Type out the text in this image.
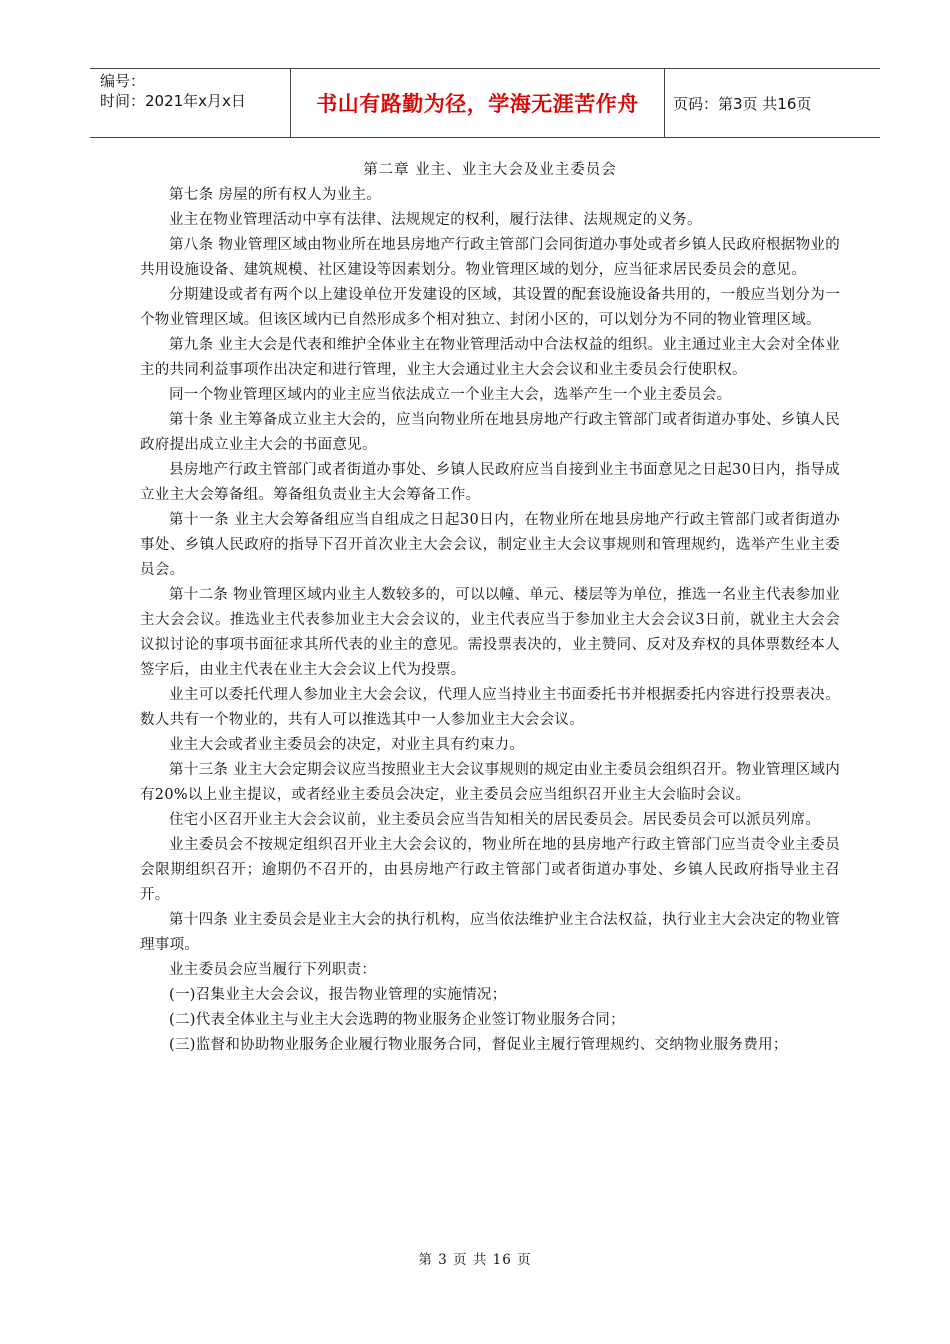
编号：
时间：2021年x月x日	书山有路勤为径，学海无涯苦作舟	页码：第3页 共16页
第二章 业主、业主大会及业主委员会

第七条 房屋的所有权人为业主。

业主在物业管理活动中享有法律、法规规定的权利，履行法律、法规规定的义务。

第八条 物业管理区域由物业所在地县房地产行政主管部门会同街道办事处或者乡镇人民政府根据物业的共用设施设备、建筑规模、社区建设等因素划分。物业管理区域的划分，应当征求居民委员会的意见。

分期建设或者有两个以上建设单位开发建设的区域，其设置的配套设施设备共用的，一般应当划分为一个物业管理区域。但该区域内已自然形成多个相对独立、封闭小区的，可以划分为不同的物业管理区域。

第九条 业主大会是代表和维护全体业主在物业管理活动中合法权益的组织。业主通过业主大会对全体业主的共同利益事项作出决定和进行管理，业主大会通过业主大会会议和业主委员会行使职权。

同一个物业管理区域内的业主应当依法成立一个业主大会，选举产生一个业主委员会。

第十条 业主筹备成立业主大会的，应当向物业所在地县房地产行政主管部门或者街道办事处、乡镇人民政府提出成立业主大会的书面意见。

县房地产行政主管部门或者街道办事处、乡镇人民政府应当自接到业主书面意见之日起30日内，指导成立业主大会筹备组。筹备组负责业主大会筹备工作。

第十一条 业主大会筹备组应当自组成之日起30日内，在物业所在地县房地产行政主管部门或者街道办事处、乡镇人民政府的指导下召开首次业主大会会议，制定业主大会议事规则和管理规约，选举产生业主委员会。

第十二条 物业管理区域内业主人数较多的，可以以幢、单元、楼层等为单位，推选一名业主代表参加业主大会会议。推选业主代表参加业主大会会议的，业主代表应当于参加业主大会会议3日前，就业主大会会议拟讨论的事项书面征求其所代表的业主的意见。需投票表决的，业主赞同、反对及弃权的具体票数经本人签字后，由业主代表在业主大会会议上代为投票。

业主可以委托代理人参加业主大会会议，代理人应当持业主书面委托书并根据委托内容进行投票表决。数人共有一个物业的，共有人可以推选其中一人参加业主大会会议。

业主大会或者业主委员会的决定，对业主具有约束力。

第十三条 业主大会定期会议应当按照业主大会议事规则的规定由业主委员会组织召开。物业管理区域内有20%以上业主提议，或者经业主委员会决定，业主委员会应当组织召开业主大会临时会议。

住宅小区召开业主大会会议前，业主委员会应当告知相关的居民委员会。居民委员会可以派员列席。

业主委员会不按规定组织召开业主大会会议的，物业所在地的县房地产行政主管部门应当责令业主委员会限期组织召开；逾期仍不召开的，由县房地产行政主管部门或者街道办事处、乡镇人民政府指导业主召开。

第十四条 业主委员会是业主大会的执行机构，应当依法维护业主合法权益，执行业主大会决定的物业管理事项。

业主委员会应当履行下列职责：

(一)召集业主大会会议，报告物业管理的实施情况；

(二)代表全体业主与业主大会选聘的物业服务企业签订物业服务合同；

(三)监督和协助物业服务企业履行物业服务合同，督促业主履行管理规约、交纳物业服务费用；

第 3 页 共 16 页
